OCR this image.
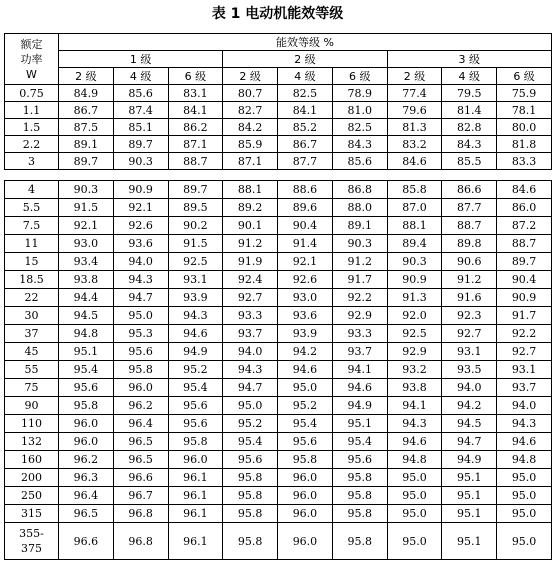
表 1 电动机能效等级
额定
功率
W	能效等级 %								
	1 级			2 级			3 级		
	2 级	4 级	6 级	2 级	4 级	6 级	2 级	4 级	6 级
0.75	84.9	85.6	83.1	80.7	82.5	78.9	77.4	79.5	75.9
1.1	86.7	87.4	84.1	82.7	84.1	81.0	79.6	81.4	78.1
1.5	87.5	85.1	86.2	84.2	85.2	82.5	81.3	82.8	80.0
2.2	89.1	89.7	87.1	85.9	86.7	84.3	83.2	84.3	81.8
3	89.7	90.3	88.7	87.1	87.7	85.6	84.6	85.5	83.3
4	90.3	90.9	89.7	88.1	88.6	86.8	85.8	86.6	84.6
5.5	91.5	92.1	89.5	89.2	89.6	88.0	87.0	87.7	86.0
7.5	92.1	92.6	90.2	90.1	90.4	89.1	88.1	88.7	87.2
11	93.0	93.6	91.5	91.2	91.4	90.3	89.4	89.8	88.7
15	93.4	94.0	92.5	91.9	92.1	91.2	90.3	90.6	89.7
18.5	93.8	94.3	93.1	92.4	92.6	91.7	90.9	91.2	90.4
22	94.4	94.7	93.9	92.7	93.0	92.2	91.3	91.6	90.9
30	94.5	95.0	94.3	93.3	93.6	92.9	92.0	92.3	91.7
37	94.8	95.3	94.6	93.7	93.9	93.3	92.5	92.7	92.2
45	95.1	95.6	94.9	94.0	94.2	93.7	92.9	93.1	92.7
55	95.4	95.8	95.2	94.3	94.6	94.1	93.2	93.5	93.1
75	95.6	96.0	95.4	94.7	95.0	94.6	93.8	94.0	93.7
90	95.8	96.2	95.6	95.0	95.2	94.9	94.1	94.2	94.0
110	96.0	96.4	95.6	95.2	95.4	95.1	94.3	94.5	94.3
132	96.0	96.5	95.8	95.4	95.6	95.4	94.6	94.7	94.6
160	96.2	96.5	96.0	95.6	95.8	95.6	94.8	94.9	94.8
200	96.3	96.6	96.1	95.8	96.0	95.8	95.0	95.1	95.0
250	96.4	96.7	96.1	95.8	96.0	95.8	95.0	95.1	95.0
315	96.5	96.8	96.1	95.8	96.0	95.8	95.0	95.1	95.0

355-
375	96.6	96.8	96.1	95.8	96.0	95.8	95.0	95.1	95.0
